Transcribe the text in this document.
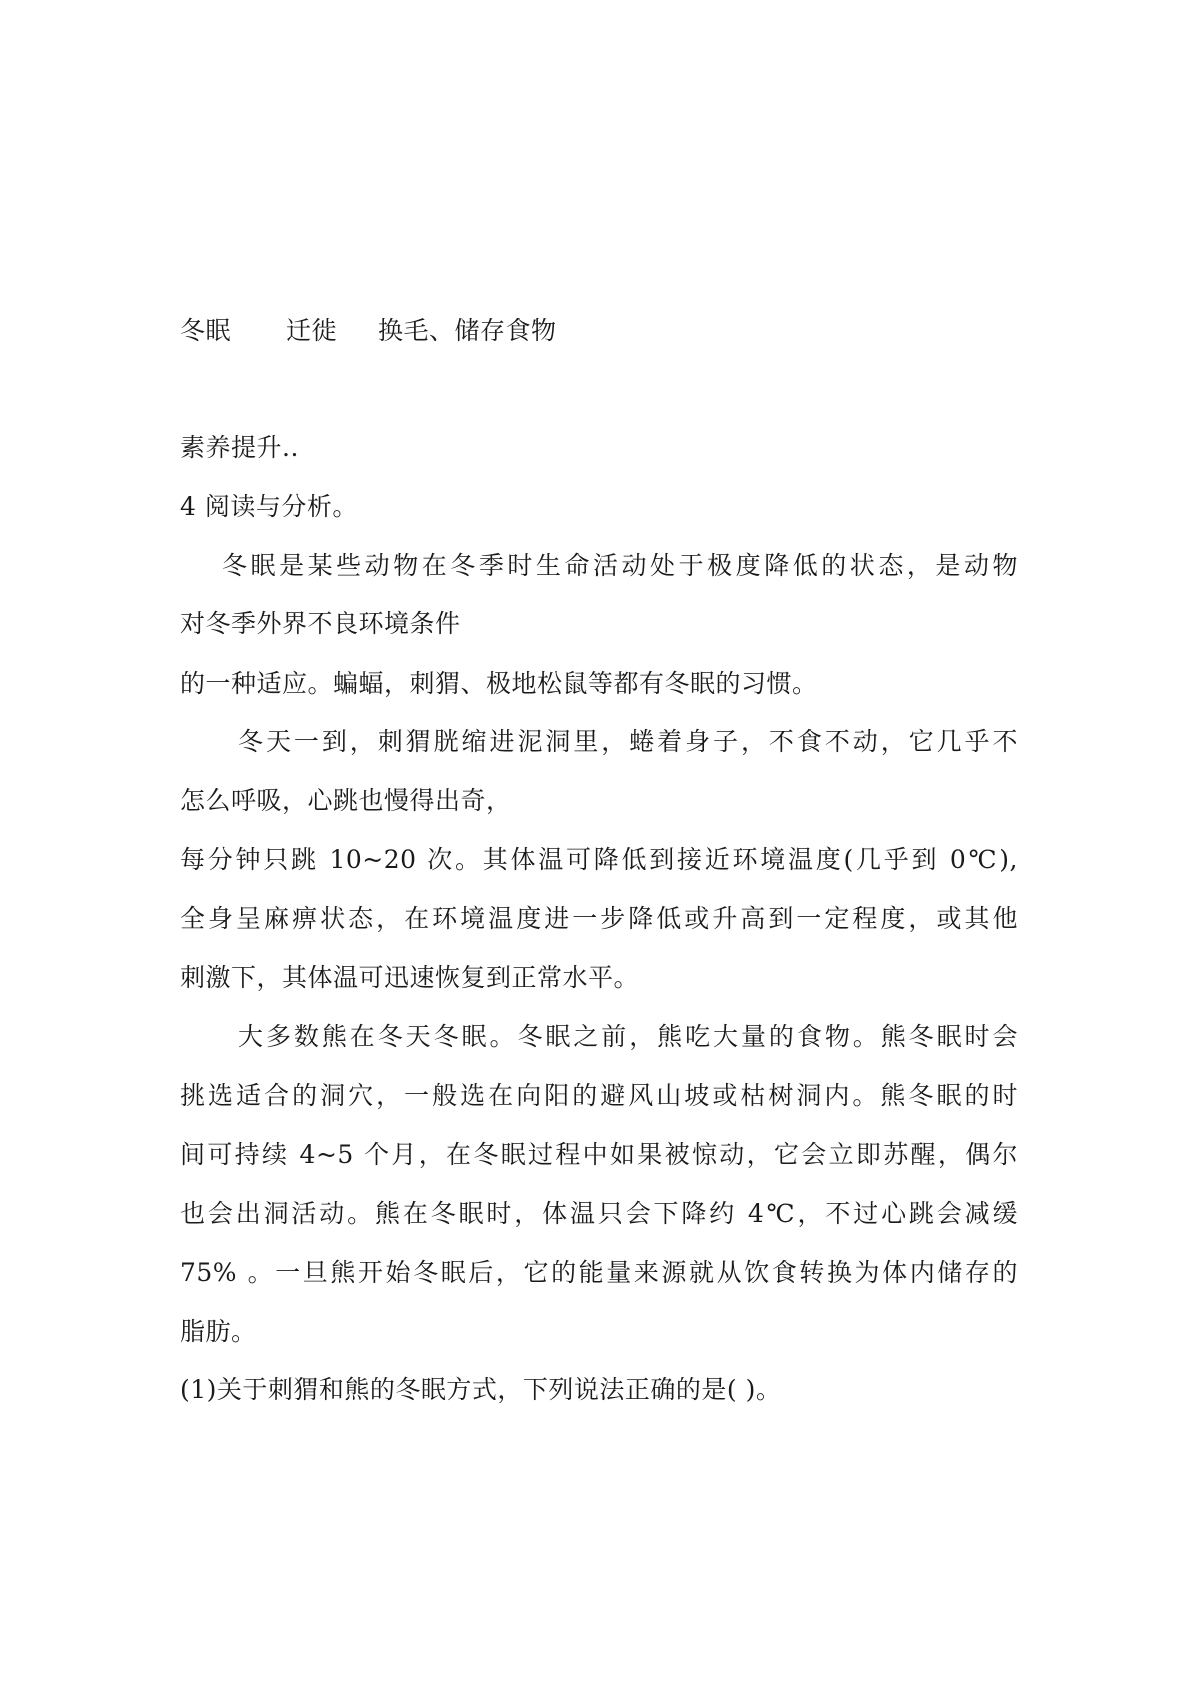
冬眠 迁徙 换毛、储存食物
素养提升..
4 阅读与分析。
冬眠是某些动物在冬季时生命活动处于极度降低的状态，是动物
对冬季外界不良环境条件
的一种适应。蝙蝠，刺猬、极地松鼠等都有冬眠的习惯。
冬天一到，刺猬胱缩进泥洞里，蜷着身子，不食不动，它几乎不
怎么呼吸，心跳也慢得出奇，
每分钟只跳 10~20 次。其体温可降低到接近环境温度(几乎到 0℃),
全身呈麻痹状态，在环境温度进一步降低或升高到一定程度，或其他
刺激下，其体温可迅速恢复到正常水平。
大多数熊在冬天冬眠。冬眠之前，熊吃大量的食物。熊冬眠时会
挑选适合的洞穴，一般选在向阳的避风山坡或枯树洞内。熊冬眠的时
间可持续 4~5 个月，在冬眠过程中如果被惊动，它会立即苏醒，偶尔
也会出洞活动。熊在冬眠时，体温只会下降约 4℃，不过心跳会减缓
75% 。一旦熊开始冬眠后，它的能量来源就从饮食转换为体内储存的
脂肪。
(1)关于刺猬和熊的冬眠方式，下列说法正确的是( )。
